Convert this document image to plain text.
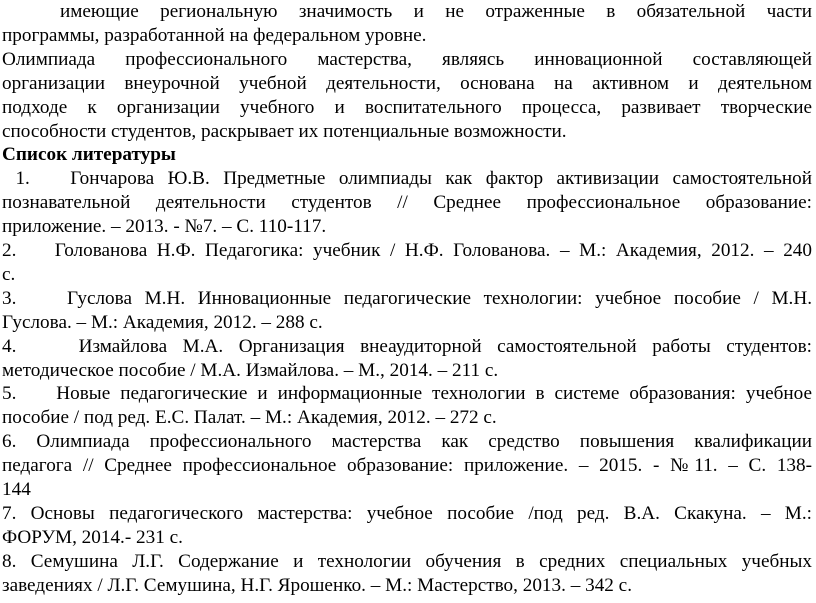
имеющие региональную значимость и не отраженные в обязательной части
программы, разработанной на федеральном уровне.
Олимпиада профессионального мастерства, являясь инновационной составляющей
организации внеурочной учебной деятельности, основана на активном и деятельном
подходе к организации учебного и воспитательного процесса, развивает творческие
способности студентов, раскрывает их потенциальные возможности.
Список литературы
1.   Гончарова Ю.В. Предметные олимпиады как фактор активизации самостоятельной
познавательной деятельности студентов // Среднее профессиональное образование:
приложение. – 2013. - №7. – С. 110-117.
2.    Голованова Н.Ф. Педагогика: учебник / Н.Ф. Голованова. – М.: Академия, 2012. – 240
с.
3.    Гуслова М.Н. Инновационные педагогические технологии: учебное пособие / М.Н.
Гуслова. – М.: Академия, 2012. – 288 с.
4.    Измайлова М.А. Организация внеаудиторной самостоятельной работы студентов:
методическое пособие / М.А. Измайлова. – М., 2014. – 211 с.
5.    Новые педагогические и информационные технологии в системе образования: учебное
пособие / под ред. Е.С. Палат. – М.: Академия, 2012. – 272 с.
6. Олимпиада профессионального мастерства как средство повышения квалификации
педагога // Среднее профессиональное образование: приложение. – 2015. - №11. – С. 138-
144
7. Основы педагогического мастерства: учебное пособие /под ред. В.А. Скакуна. – М.:
ФОРУМ, 2014.- 231 с.
8. Семушина Л.Г. Содержание и технологии обучения в средних специальных учебных
заведениях / Л.Г. Семушина, Н.Г. Ярошенко. – М.: Мастерство, 2013. – 342 с.
